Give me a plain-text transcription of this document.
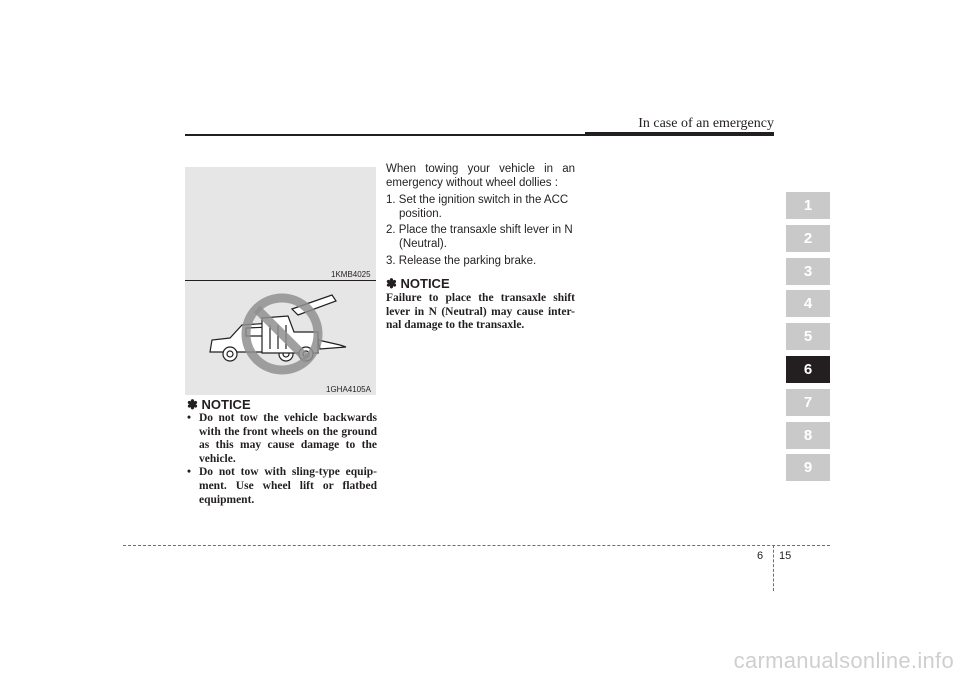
In case of an emergency
1KMB4025
1GHA4105A
✽ NOTICE
• Do not tow the vehicle backwards with the front wheels on the ground as this may cause damage to the vehicle.
• Do not tow with sling-type equip- ment. Use wheel lift or flatbed equipment.

When towing your vehicle in an emergency without wheel dollies :

1. Set the ignition switch in the ACC position.
2. Place the transaxle shift lever in N (Neutral).
3. Release the parking brake.
✽ NOTICE
Failure to place the transaxle shift lever in N (Neutral) may cause inter- nal damage to the transaxle.
1
2
3
4
5
6
7
8
9
6 15
carmanualsonline.info
